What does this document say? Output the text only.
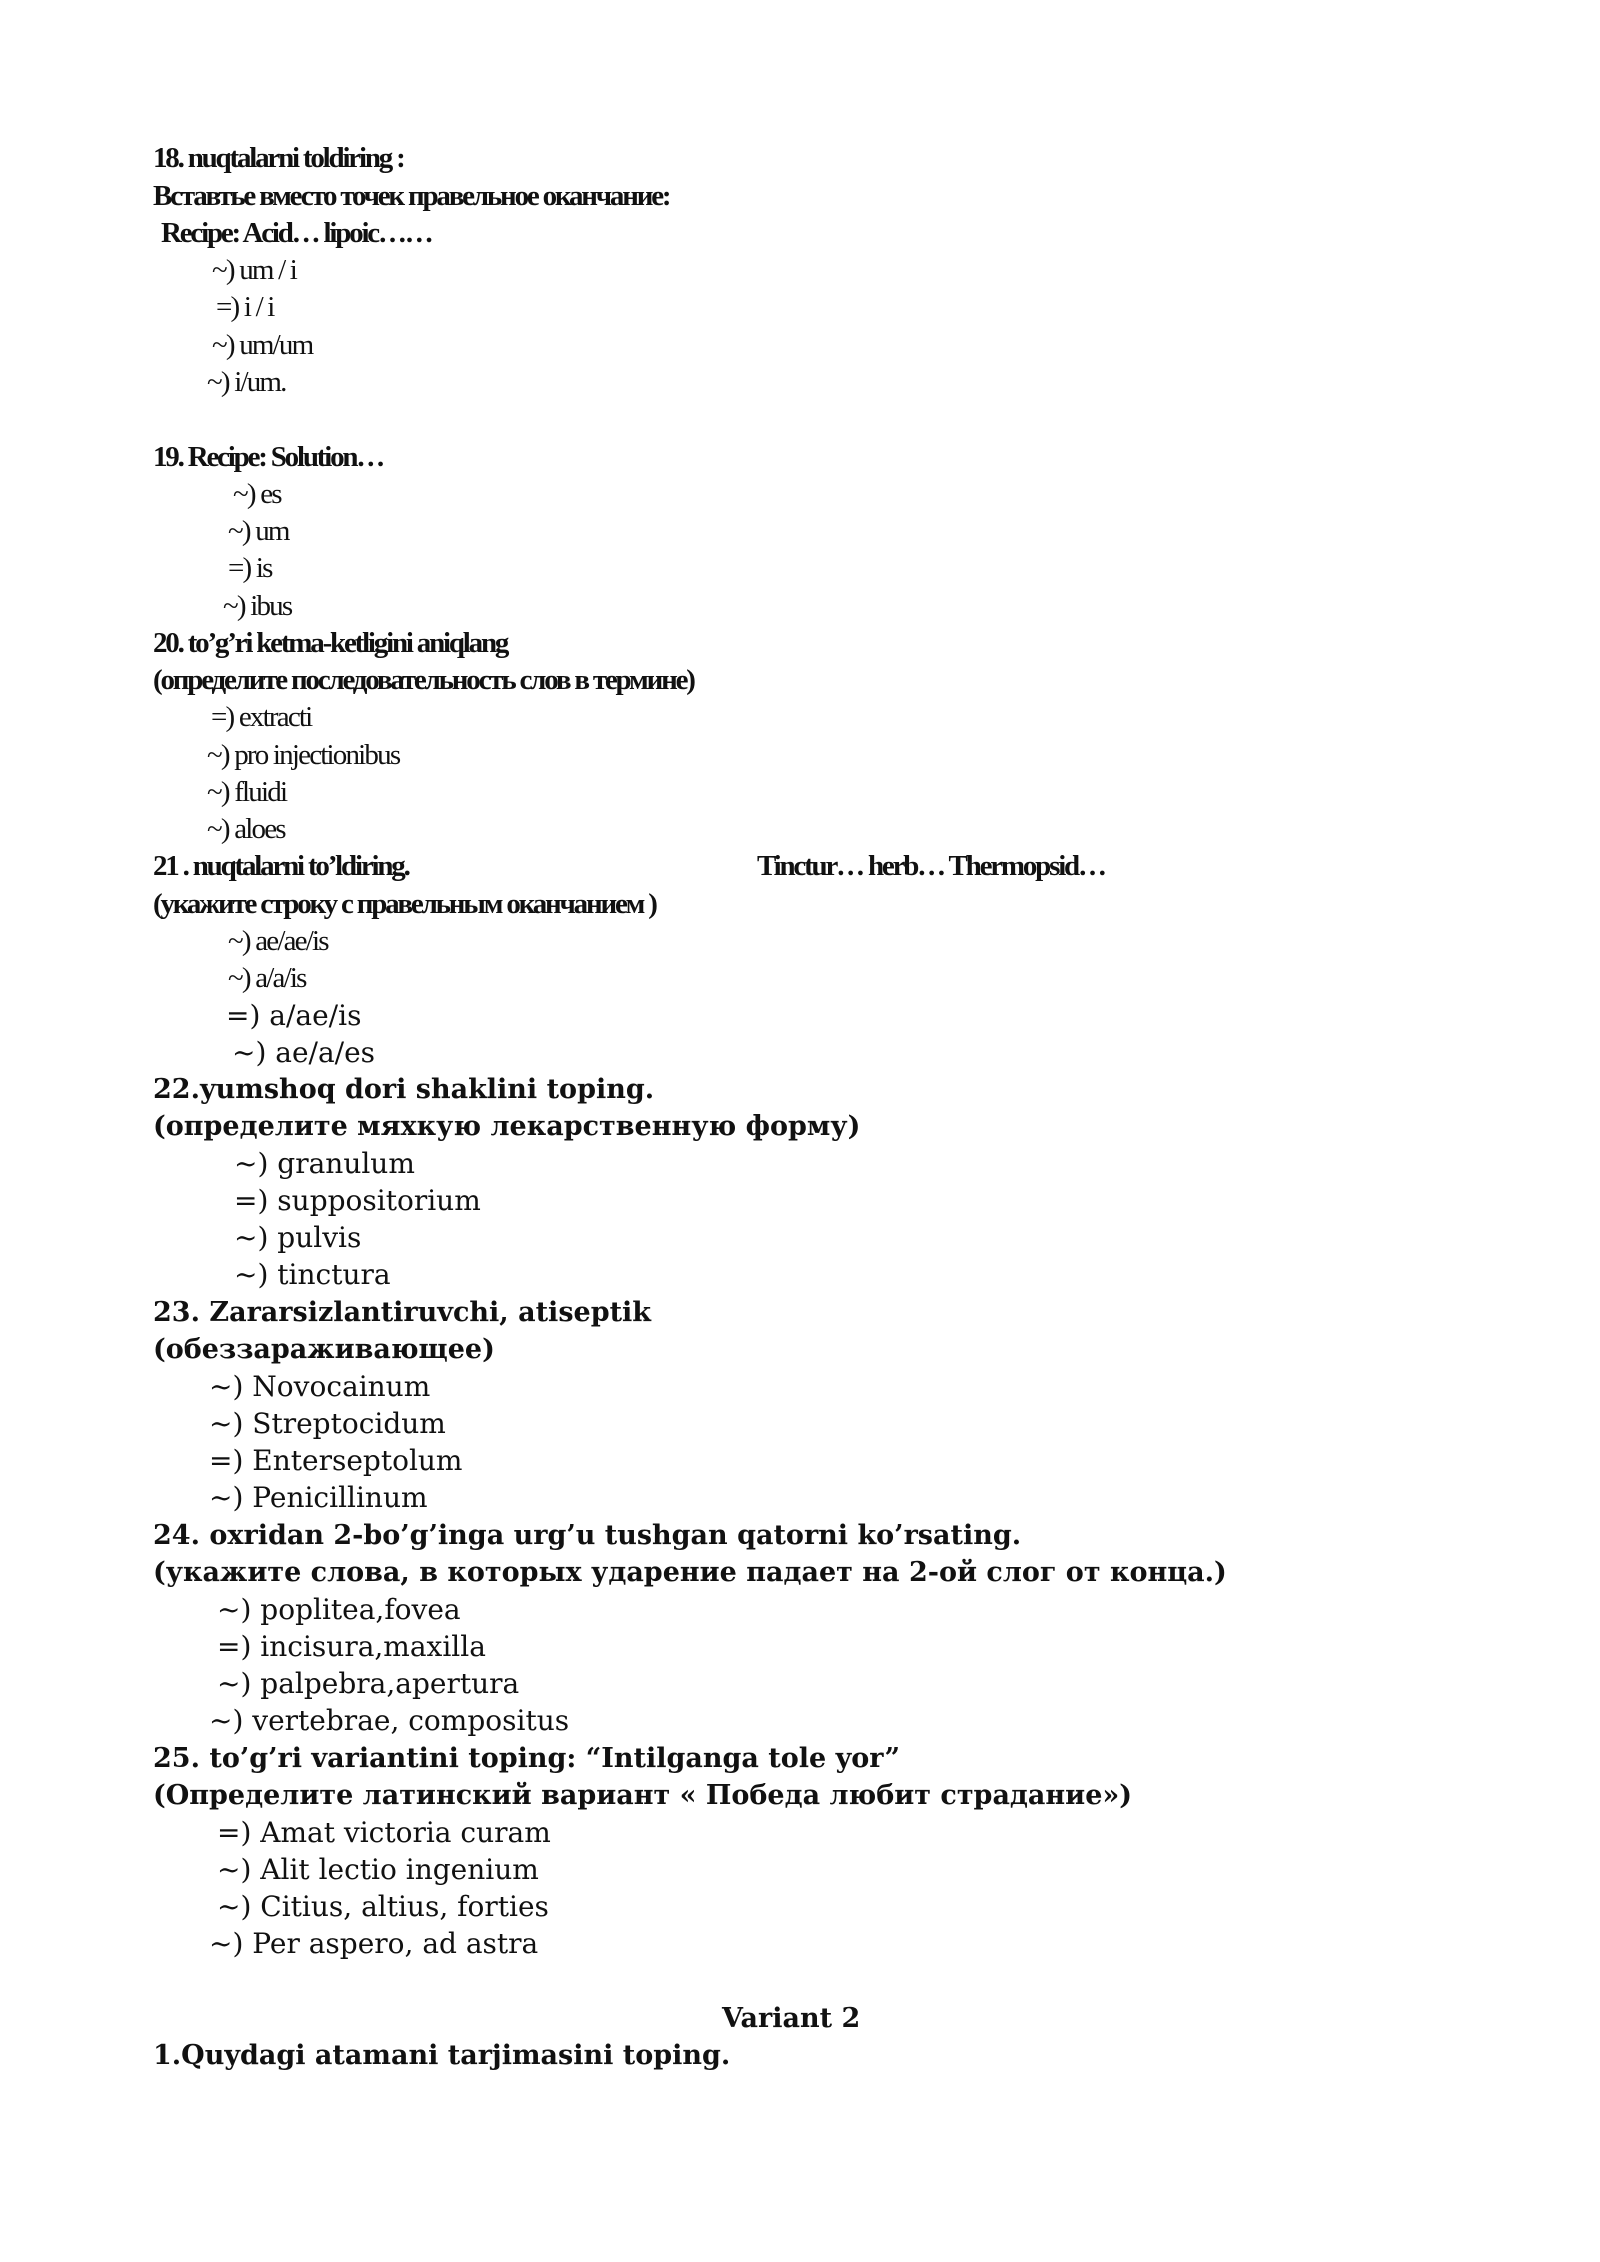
18. nuqtalarni toldiring :
Вставтье вместо точек правельное оканчание:
Recipe: Acid… lipoic……
~) um / i
=) i / i
~) um/um
~) i/um.
19. Recipe: Solution…
~) es
~) um
=) is
~) ibus
20. to’g’ri ketma-ketligini aniqlang
(определите последовательность слов в термине)
=) extracti
~) pro injectionibus
~) fluidi
~) aloes
21 . nuqtalarni to’ldiring.	Tinctur… herb… Thermopsid…
(укажите строку с правельным оканчанием )
~) ae/ae/is
~) a/a/is
=) a/ae/is
~) ae/a/es
22.yumshoq dori shaklini toping.
(определите мяхкую лекарственную форму)
~) granulum
=) suppositorium
~) pulvis
~) tinctura
23. Zararsizlantiruvchi, atiseptik
(обеззараживающее)
~) Novocainum
~) Streptocidum
=) Enterseptolum
~) Penicillinum
24. oxridan 2-bo’g’inga urg’u tushgan qatorni ko’rsating.
(укажите слова, в которых ударение падает на 2-ой слог от конца.)
~) poplitea,fovea
=) incisura,maxilla
~) palpebra,apertura
~) vertebrae, compositus
25. to’g’ri variantini toping: “Intilganga tole yor”
(Определите латинский вариант « Победа любит страдание»)
=) Amat victoria curam
~) Alit lectio ingenium
~) Citius, altius, forties
~) Per aspero, ad astra
Variant 2
1.Quydagi atamani tarjimasini toping.
